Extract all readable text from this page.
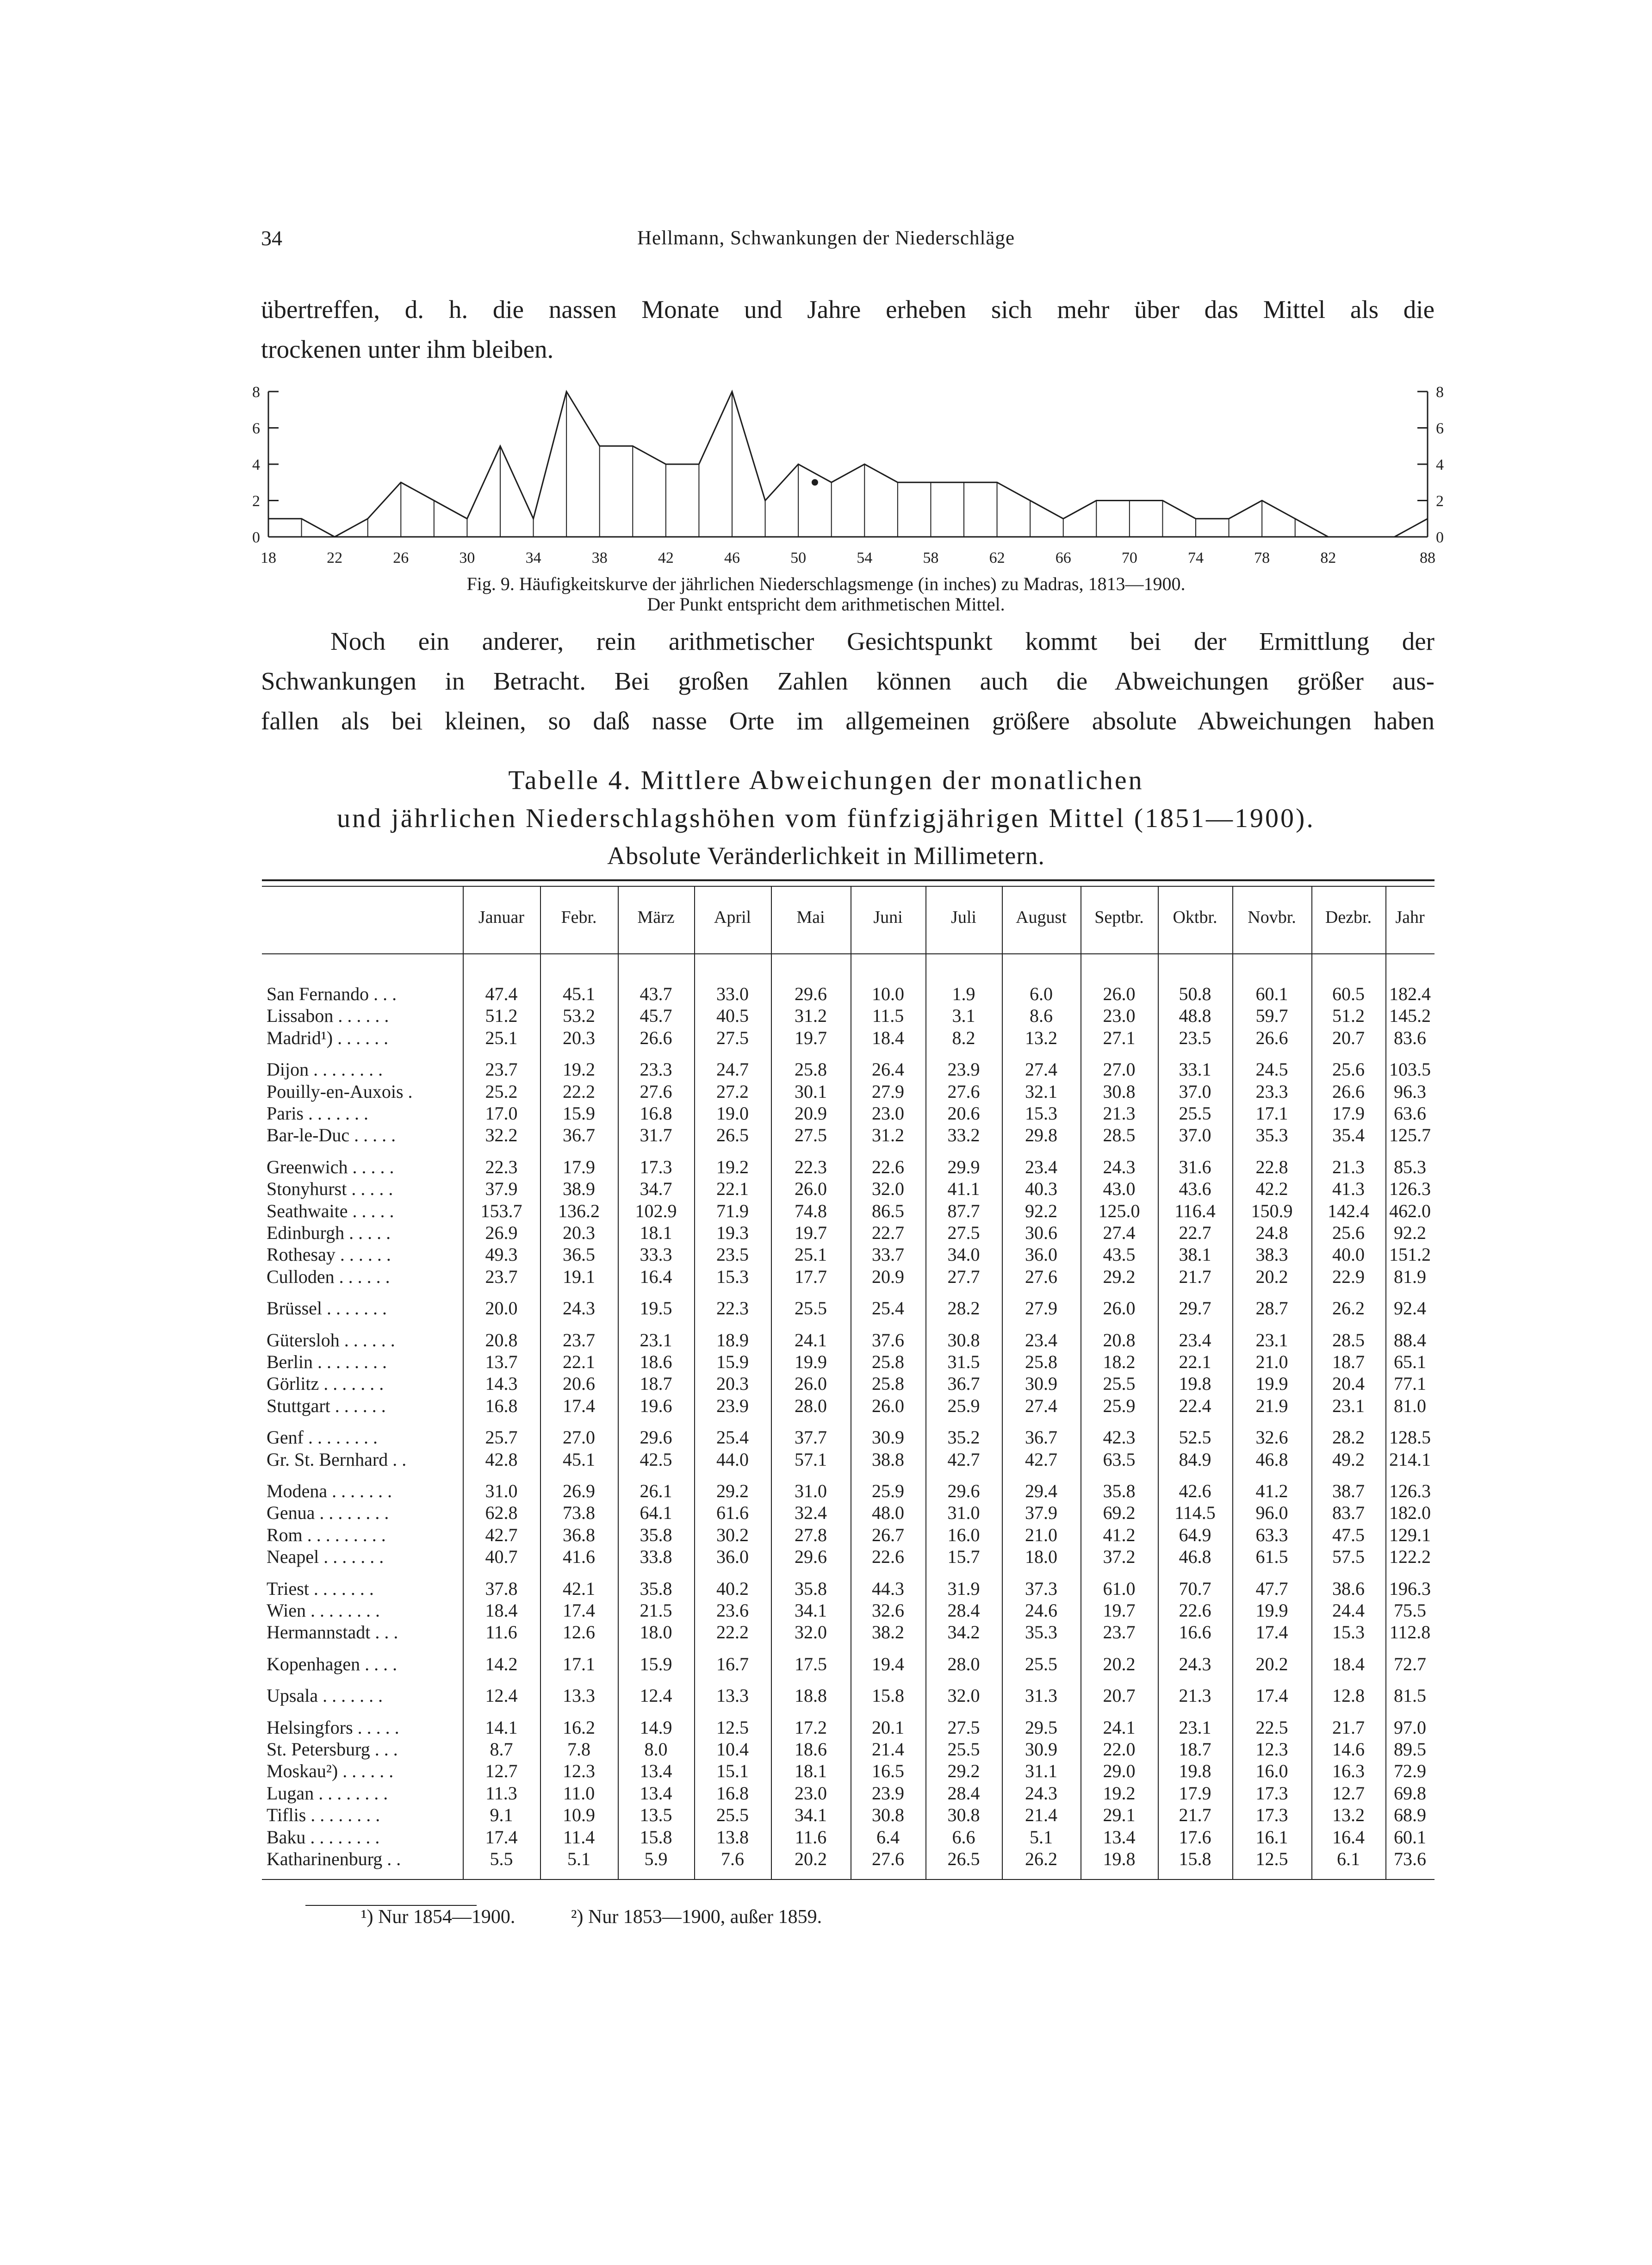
34	Hellmann, Schwankungen der Niederschläge
übertreffen, d. h. die nassen Monate und Jahre erheben sich mehr über das Mittel als die
trockenen unter ihm bleiben.
0	0
2	2
4	4
6	6
8	8
18	22	26	30	34	38	42	46	50	54	58	62	66	70	74	78	82	88
Fig. 9. Häufigkeitskurve der jährlichen Niederschlagsmenge (in inches) zu Madras, 1813—1900.
Der Punkt entspricht dem arithmetischen Mittel.
Noch ein anderer, rein arithmetischer Gesichtspunkt kommt bei der Ermittlung der
Schwankungen in Betracht. Bei großen Zahlen können auch die Abweichungen größer aus-
fallen als bei kleinen, so daß nasse Orte im allgemeinen größere absolute Abweichungen haben
Tabelle 4. Mittlere Abweichungen der monatlichen
und jährlichen Niederschlagshöhen vom fünfzigjährigen Mittel (1851—1900).
Absolute Veränderlichkeit in Millimetern.
Januar	Febr.	März	April	Mai	Juni	Juli	August	Septbr.	Oktbr.	Novbr.	Dezbr.	Jahr
San Fernando . . .	47.4	45.1	43.7	33.0	29.6	10.0	1.9	6.0	26.0	50.8	60.1	60.5	182.4
Lissabon . . . . . .	51.2	53.2	45.7	40.5	31.2	11.5	3.1	8.6	23.0	48.8	59.7	51.2	145.2
Madrid¹) . . . . . .	25.1	20.3	26.6	27.5	19.7	18.4	8.2	13.2	27.1	23.5	26.6	20.7	83.6
Dijon . . . . . . . .	23.7	19.2	23.3	24.7	25.8	26.4	23.9	27.4	27.0	33.1	24.5	25.6	103.5
Pouilly-en-Auxois .	25.2	22.2	27.6	27.2	30.1	27.9	27.6	32.1	30.8	37.0	23.3	26.6	96.3
Paris . . . . . . .	17.0	15.9	16.8	19.0	20.9	23.0	20.6	15.3	21.3	25.5	17.1	17.9	63.6
Bar-le-Duc . . . . .	32.2	36.7	31.7	26.5	27.5	31.2	33.2	29.8	28.5	37.0	35.3	35.4	125.7
Greenwich . . . . .	22.3	17.9	17.3	19.2	22.3	22.6	29.9	23.4	24.3	31.6	22.8	21.3	85.3
Stonyhurst . . . . .	37.9	38.9	34.7	22.1	26.0	32.0	41.1	40.3	43.0	43.6	42.2	41.3	126.3
Seathwaite . . . . .	153.7	136.2	102.9	71.9	74.8	86.5	87.7	92.2	125.0	116.4	150.9	142.4	462.0
Edinburgh . . . . .	26.9	20.3	18.1	19.3	19.7	22.7	27.5	30.6	27.4	22.7	24.8	25.6	92.2
Rothesay . . . . . .	49.3	36.5	33.3	23.5	25.1	33.7	34.0	36.0	43.5	38.1	38.3	40.0	151.2
Culloden . . . . . .	23.7	19.1	16.4	15.3	17.7	20.9	27.7	27.6	29.2	21.7	20.2	22.9	81.9
Brüssel . . . . . . .	20.0	24.3	19.5	22.3	25.5	25.4	28.2	27.9	26.0	29.7	28.7	26.2	92.4
Gütersloh . . . . . .	20.8	23.7	23.1	18.9	24.1	37.6	30.8	23.4	20.8	23.4	23.1	28.5	88.4
Berlin . . . . . . . .	13.7	22.1	18.6	15.9	19.9	25.8	31.5	25.8	18.2	22.1	21.0	18.7	65.1
Görlitz . . . . . . .	14.3	20.6	18.7	20.3	26.0	25.8	36.7	30.9	25.5	19.8	19.9	20.4	77.1
Stuttgart . . . . . .	16.8	17.4	19.6	23.9	28.0	26.0	25.9	27.4	25.9	22.4	21.9	23.1	81.0
Genf . . . . . . . .	25.7	27.0	29.6	25.4	37.7	30.9	35.2	36.7	42.3	52.5	32.6	28.2	128.5
Gr. St. Bernhard . .	42.8	45.1	42.5	44.0	57.1	38.8	42.7	42.7	63.5	84.9	46.8	49.2	214.1
Modena . . . . . . .	31.0	26.9	26.1	29.2	31.0	25.9	29.6	29.4	35.8	42.6	41.2	38.7	126.3
Genua . . . . . . . .	62.8	73.8	64.1	61.6	32.4	48.0	31.0	37.9	69.2	114.5	96.0	83.7	182.0
Rom . . . . . . . . .	42.7	36.8	35.8	30.2	27.8	26.7	16.0	21.0	41.2	64.9	63.3	47.5	129.1
Neapel . . . . . . .	40.7	41.6	33.8	36.0	29.6	22.6	15.7	18.0	37.2	46.8	61.5	57.5	122.2
Triest . . . . . . .	37.8	42.1	35.8	40.2	35.8	44.3	31.9	37.3	61.0	70.7	47.7	38.6	196.3
Wien . . . . . . . .	18.4	17.4	21.5	23.6	34.1	32.6	28.4	24.6	19.7	22.6	19.9	24.4	75.5
Hermannstadt . . .	11.6	12.6	18.0	22.2	32.0	38.2	34.2	35.3	23.7	16.6	17.4	15.3	112.8
Kopenhagen . . . .	14.2	17.1	15.9	16.7	17.5	19.4	28.0	25.5	20.2	24.3	20.2	18.4	72.7
Upsala . . . . . . .	12.4	13.3	12.4	13.3	18.8	15.8	32.0	31.3	20.7	21.3	17.4	12.8	81.5
Helsingfors . . . . .	14.1	16.2	14.9	12.5	17.2	20.1	27.5	29.5	24.1	23.1	22.5	21.7	97.0
St. Petersburg . . .	8.7	7.8	8.0	10.4	18.6	21.4	25.5	30.9	22.0	18.7	12.3	14.6	89.5
Moskau²) . . . . . .	12.7	12.3	13.4	15.1	18.1	16.5	29.2	31.1	29.0	19.8	16.0	16.3	72.9
Lugan . . . . . . . .	11.3	11.0	13.4	16.8	23.0	23.9	28.4	24.3	19.2	17.9	17.3	12.7	69.8
Tiflis . . . . . . . .	9.1	10.9	13.5	25.5	34.1	30.8	30.8	21.4	29.1	21.7	17.3	13.2	68.9
Baku . . . . . . . .	17.4	11.4	15.8	13.8	11.6	6.4	6.6	5.1	13.4	17.6	16.1	16.4	60.1
Katharinenburg . .	5.5	5.1	5.9	7.6	20.2	27.6	26.5	26.2	19.8	15.8	12.5	6.1	73.6
¹) Nur 1854—1900.	²) Nur 1853—1900, außer 1859.
